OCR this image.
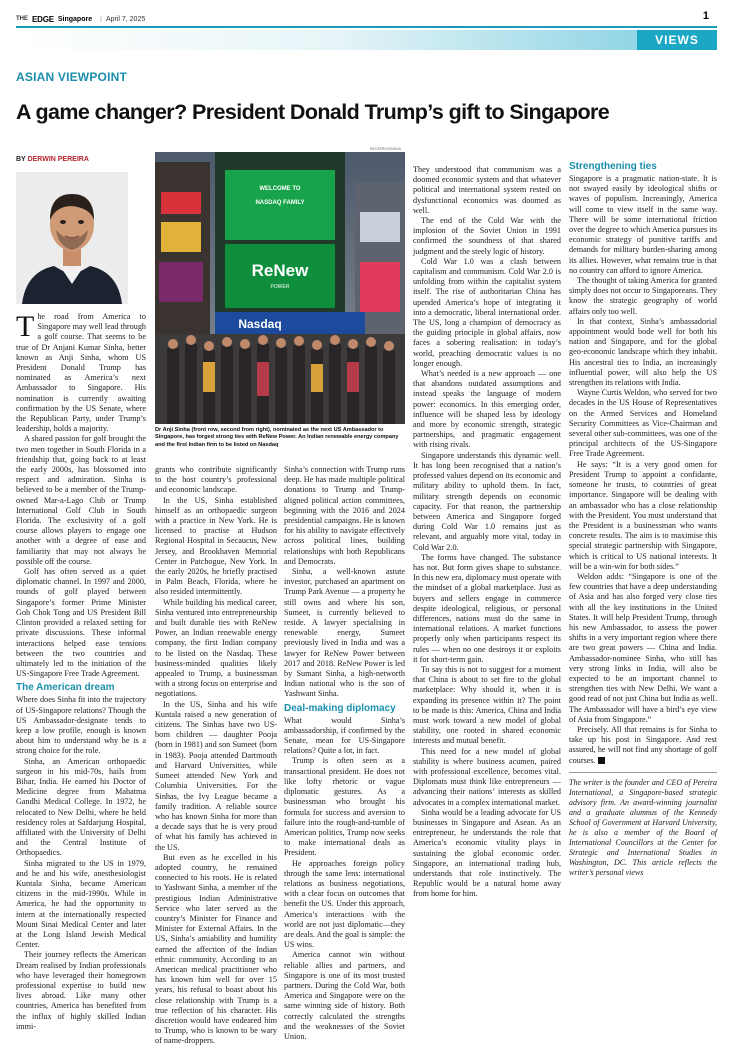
THE EDGE Singapore | April 7, 2025	1
VIEWS
ASIAN VIEWPOINT
A game changer? President Donald Trump’s gift to Singapore
REUTERS/XINHUA
BY DERWIN PEREIRA
WELCOME TO
NASDAQ FAMILY
ReNew
POWER
Nasdaq
Dr Anji Sinha (front row, second from right), nominated as the next US Ambassador to Singapore, has forged strong ties with ReNew Power. An Indian renewable energy company and the first Indian firm to be listed on Nasdaq

The road from America to Singapore may well lead through a golf course. That seems to be true of Dr Anjani Kumar Sinha, better known as Anji Sinha, whom US President Donald Trump has nominated as America’s next Ambassador to Singapore. His nomination is currently awaiting confirmation by the US Senate, where the Republican Party, under Trump’s leadership, holds a majority.

A shared passion for golf brought the two men together in South Florida in a friendship that, going back to at least the early 2000s, has blossomed into respect and admiration. Sinha is believed to be a member of the Trump-owned Mar-a-Lago Club or Trump International Golf Club in South Florida. The exclusivity of a golf course allows players to engage one another with a degree of ease and familiarity that may not always be possible off the course.

Golf has often served as a quiet diplomatic channel. In 1997 and 2000, rounds of golf played between Singapore’s former Prime Minister Goh Chok Tong and US President Bill Clinton provided a relaxed setting for private discussions. These informal interactions helped ease tensions between the two countries and ultimately led to the initiation of the US-Singapore Free Trade Agreement.

The American dream

Where does Sinha fit into the trajectory of US-Singapore relations? Though the US Ambassador-designate tends to keep a low profile, enough is known about him to understand why he is a strong choice for the role.

Sinha, an American orthopaedic surgeon in his mid-70s, hails from Bihar, India. He earned his Doctor of Medicine degree from Mahatma Gandhi Medical College. In 1972, he relocated to New Delhi, where he held residency roles at Safdarjung Hospital, affiliated with the University of Delhi and the Central Institute of Orthopaedics.

Sinha migrated to the US in 1979, and he and his wife, anesthesiologist Kuntala Sinha, became American citizens in the mid-1990s. While in America, he had the opportunity to intern at the internationally respected Mount Sinai Medical Center and later at the Long Island Jewish Medical Center.

Their journey reflects the American Dream realised by Indian professionals who have leveraged their homegrown professional expertise to build new lives abroad. Like many other countries, America has benefited from the influx of highly skilled Indian immi-

grants who contribute significantly to the host country’s professional and economic landscape.

In the US, Sinha established himself as an orthopaedic surgeon with a practice in New York. He is licensed to practise at Hudson Regional Hospital in Secaucus, New Jersey, and Brookhaven Memorial Center in Patchogue, New York. In the early 2020s, he briefly practised in Palm Beach, Florida, where he also resided intermittently.

While building his medical career, Sinha ventured into entrepreneurship and built durable ties with ReNew Power, an Indian renewable energy company, the first Indian company to be listed on the Nasdaq. These business-minded qualities likely appealed to Trump, a businessman with a strong focus on enterprise and negotiations.

In the US, Sinha and his wife Kuntala raised a new generation of citizens. The Sinhas have two US-born children — daughter Pooja (born in 1981) and son Sumeet (born in 1983). Pooja attended Dartmouth and Harvard Universities, while Sumeet attended New York and Columbia Universities. For the Sinhas, the Ivy League became a family tradition. A reliable source who has known Sinha for more than a decade says that he is very proud of what his family has achieved in the US.

But even as he excelled in his adopted country, he remained connected to his roots. He is related to Yashwant Sinha, a member of the prestigious Indian Administrative Service who later served as the country’s Minister for Finance and Minister for External Affairs. In the US, Sinha’s amiability and humility earned the affection of the Indian ethnic community. According to an American medical practitioner who has known him well for over 15 years, his refusal to boast about his close relationship with Trump is a true reflection of his character. His discretion would have endeared him to Trump, who is known to be wary of name-droppers.

Sinha’s connection with Trump runs deep. He has made multiple political donations to Trump and Trump-aligned political action committees, beginning with the 2016 and 2024 presidential campaigns. He is known for his ability to navigate effectively across political lines, building relationships with both Republicans and Democrats.

Sinha, a well-known astute investor, purchased an apartment on Trump Park Avenue — a property he still owns and where his son, Sumeet, is currently believed to reside. A lawyer specialising in renewable energy, Sumeet previously lived in India and was a lawyer for ReNew Power between 2017 and 2018. ReNew Power is led by Sumant Sinha, a high-networth Indian national who is the son of Yashwant Sinha.

Deal-making diplomacy

What would Sinha’s ambassadorship, if confirmed by the Senate, mean for US-Singapore relations? Quite a lot, in fact.

Trump is often seen as a transactional president. He does not like lofty rhetoric or vague diplomatic gestures. As a businessman who brought his formula for success and aversion to failure into the rough-and-tumble of American politics, Trump now seeks to make international deals as President.

He approaches foreign policy through the same lens: international relations as business negotiations, with a clear focus on outcomes that benefit the US. Under this approach, America’s interactions with the world are not just diplomatic—they are deals. And the goal is simple: the US wins.

America cannot win without reliable allies and partners, and Singapore is one of its most trusted partners. During the Cold War, both America and Singapore were on the same winning side of history. Both correctly calculated the strengths and the weaknesses of the Soviet Union.

They understood that communism was a doomed economic system and that whatever political and international system rested on dysfunctional economics was doomed as well.

The end of the Cold War with the implosion of the Soviet Union in 1991 confirmed the soundness of that shared judgment and the steely logic of history.

Cold War 1.0 was a clash between capitalism and communism. Cold War 2.0 is unfolding from within the capitalist system itself. The rise of authoritarian China has upended America’s hope of integrating it into a democratic, liberal international order. The US, long a champion of democracy as the guiding principle in global affairs, now faces a sobering realisation: in today’s world, preaching democratic values is no longer enough.

What’s needed is a new approach — one that abandons outdated assumptions and instead speaks the language of modern power: economics. In this emerging order, influence will be shaped less by ideology and more by economic strength, strategic partnerships, and pragmatic engagement with rising rivals.

Singapore understands this dynamic well. It has long been recognised that a nation’s professed values depend on its economic and military ability to uphold them. In fact, military strength depends on economic capacity. For that reason, the partnership between America and Singapore forged during Cold War 1.0 remains just as relevant, and arguably more vital, today in Cold War 2.0.

The forms have changed. The substance has not. But form gives shape to substance. In this new era, diplomacy must operate with the mindset of a global marketplace. Just as buyers and sellers engage in commerce despite ideological, religious, or personal differences, nations must do the same in international relations. A market functions properly only when participants respect its rules — when no one destroys it or exploits it for short-term gain.

To say this is not to suggest for a moment that China is about to set fire to the global marketplace: Why should it, when it is expanding its presence within it? The point to be made is this: America, China and India must work toward a new model of global stability, one rooted in shared economic interests and mutual benefit.

This need for a new model of global stability is where business acumen, paired with professional excellence, becomes vital. Diplomats must think like entrepreneurs — advancing their nations’ interests as skilled advocates in a complex international market.

Sinha would be a leading advocate for US businesses in Singapore and Asean. As an entrepreneur, he understands the role that America’s economic vitality plays in sustaining the global economic order. Singapore, an international trading hub, understands that role instinctively. The Republic would be a natural home away from home for him.

Strengthening ties

Singapore is a pragmatic nation-state. It is not swayed easily by ideological shifts or waves of populism. Increasingly, America will come to view itself in the same way. There will be some international friction over the degree to which America pursues its economic strategy of punitive tariffs and demands for military burden-sharing among its allies. However, what remains true is that no country can afford to ignore America.

The thought of taking America for granted simply does not occur to Singaporeans. They know the strategic geography of world affairs only too well.

In that context, Sinha’s ambassadorial appointment would bode well for both his nation and Singapore, and for the global geo-economic landscape which they inhabit. His ancestral ties to India, an increasingly influential power, will also help the US strengthen its relations with India.

Wayne Curtis Weldon, who served for two decades in the US House of Representatives on the Armed Services and Homeland Security Committees as Vice-Chairman and several other sub-committees, was one of the principal architects of the US-Singapore Free Trade Agreement.

He says: “It is a very good omen for President Trump to appoint a confidante, someone he trusts, to countries of great importance. Singapore will be dealing with an ambassador who has a close relationship with the President. You must understand that the President is a businessman who wants concrete results. The aim is to maximise this special strategic partnership with Singapore, which is critical to US national interests. It will be a win-win for both sides.”

Weldon adds: “Singapore is one of the few countries that have a deep understanding of Asia and has also forged very close ties with all the key institutions in the United States. It will help President Trump, through his new Ambassador, to assess the power shifts in a very important region where there are two great powers — China and India. Ambassador-nominee Sinha, who still has very strong links in India, will also be expected to be an important channel to strengthen ties with New Delhi. We want a good read of not just China but India as well. The Ambassador will have a bird’s eye view of Asia from Singapore.”

Precisely. All that remains is for Sinha to take up his post in Singapore. And rest assured, he will not find any shortage of golf courses.

The writer is the founder and CEO of Pereira International, a Singapore-based strategic advisory firm. An award-winning journalist and a graduate alumnus of the Kennedy School of Government at Harvard University, he is also a member of the Board of International Councillors at the Center for Strategic and International Studies in Washington, DC. This article reflects the writer’s personal views
